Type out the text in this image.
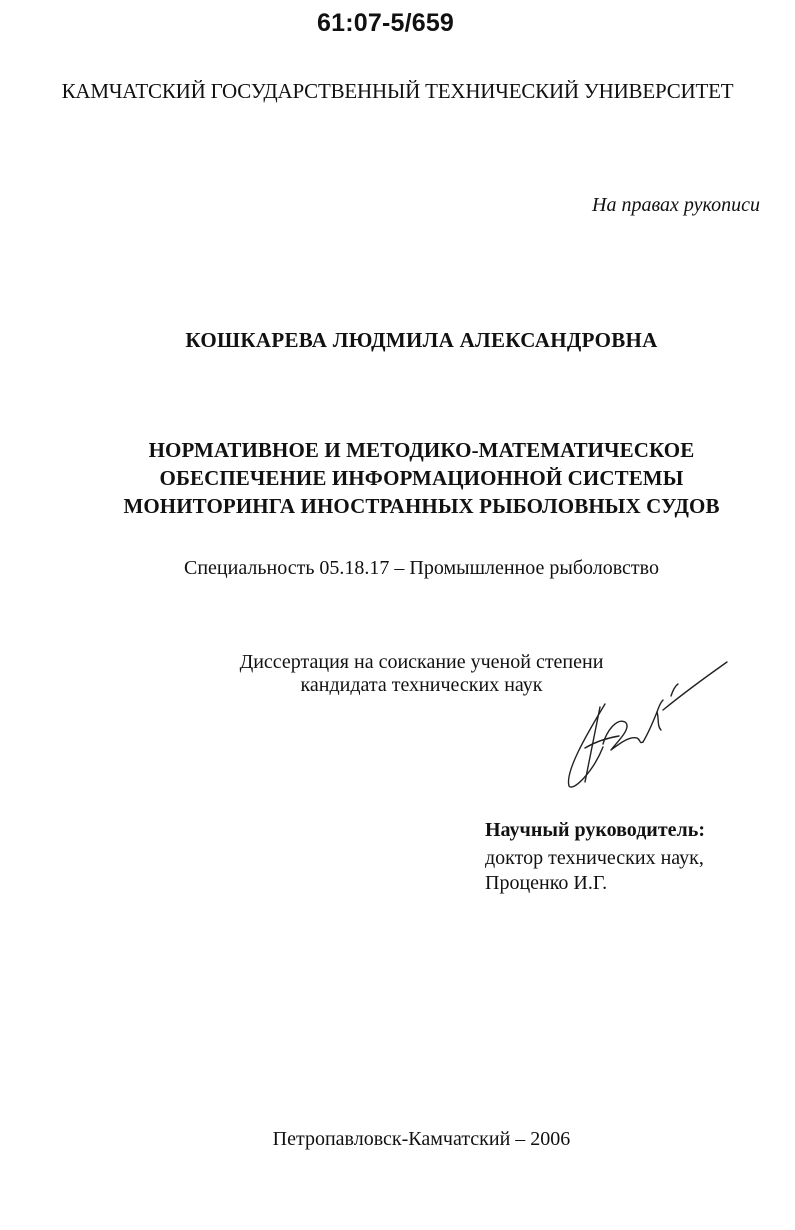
61:07-5/659
КАМЧАТСКИЙ ГОСУДАРСТВЕННЫЙ ТЕХНИЧЕСКИЙ УНИВЕРСИТЕТ
На правах рукописи
КОШКАРЕВА ЛЮДМИЛА АЛЕКСАНДРОВНА
НОРМАТИВНОЕ И МЕТОДИКО-МАТЕМАТИЧЕСКОЕ
ОБЕСПЕЧЕНИЕ ИНФОРМАЦИОННОЙ СИСТЕМЫ
МОНИТОРИНГА ИНОСТРАННЫХ РЫБОЛОВНЫХ СУДОВ
Специальность 05.18.17 – Промышленное рыболовство
Диссертация на соискание ученой степени
кандидата технических наук
Научный руководитель:
доктор технических наук,
Проценко И.Г.
Петропавловск-Камчатский – 2006
